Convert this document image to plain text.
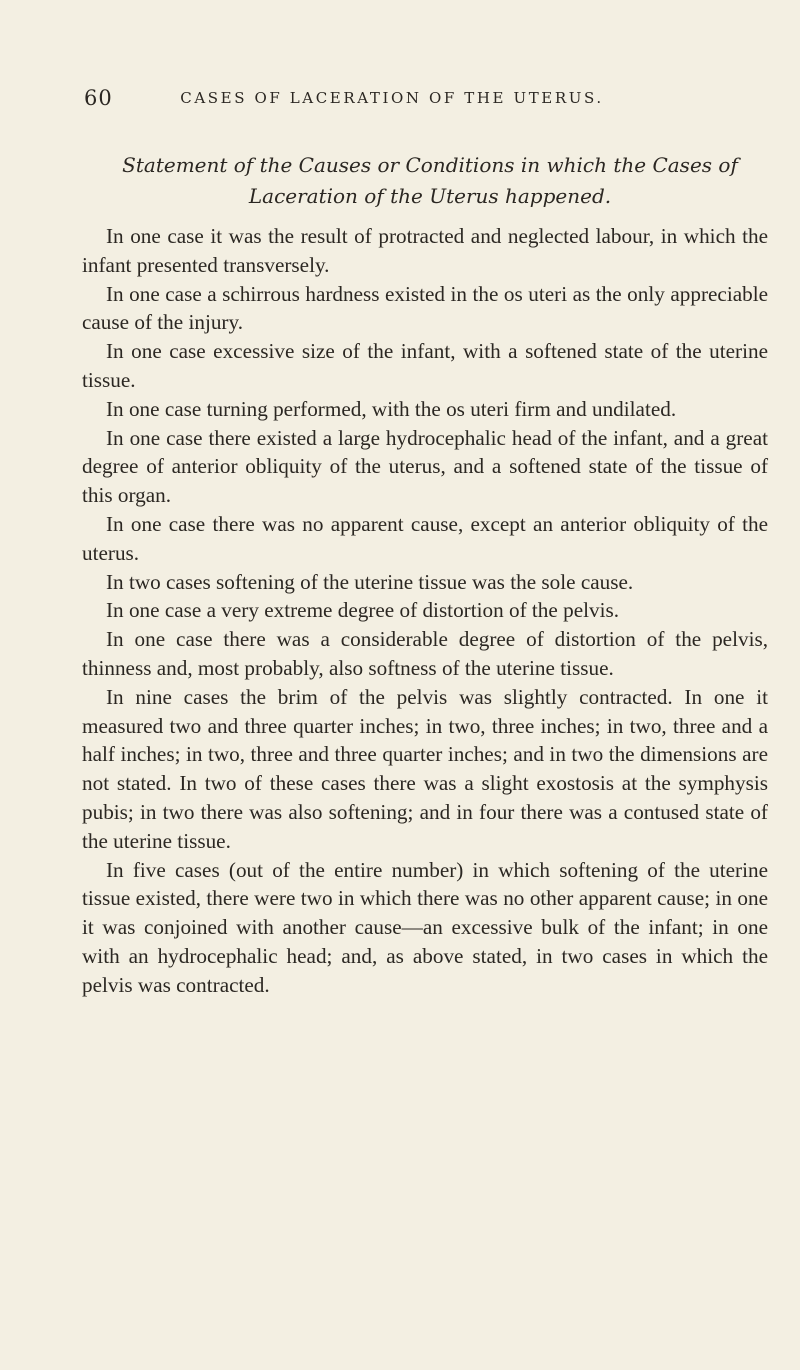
60	CASES OF LACERATION OF THE UTERUS.
Statement of the Causes or Conditions in which the Cases of
Laceration of the Uterus happened.

In one case it was the result of protracted and neglected labour, in which the infant presented transversely.

In one case a schirrous hardness existed in the os uteri as the only appreciable cause of the injury.

In one case excessive size of the infant, with a softened state of the uterine tissue.

In one case turning performed, with the os uteri firm and undilated.

In one case there existed a large hydrocephalic head of the infant, and a great degree of anterior obliquity of the uterus, and a softened state of the tissue of this organ.

In one case there was no apparent cause, except an anterior obliquity of the uterus.

In two cases softening of the uterine tissue was the sole cause.

In one case a very extreme degree of distortion of the pelvis.

In one case there was a considerable degree of distortion of the pelvis, thinness and, most probably, also softness of the uterine tissue.

In nine cases the brim of the pelvis was slightly contracted. In one it measured two and three quarter inches; in two, three inches; in two, three and a half inches; in two, three and three quarter inches; and in two the dimensions are not stated. In two of these cases there was a slight exostosis at the symphysis pubis; in two there was also softening; and in four there was a contused state of the uterine tissue.

In five cases (out of the entire number) in which softening of the uterine tissue existed, there were two in which there was no other apparent cause; in one it was conjoined with another cause—an excessive bulk of the infant; in one with an hydrocephalic head; and, as above stated, in two cases in which the pelvis was contracted.
